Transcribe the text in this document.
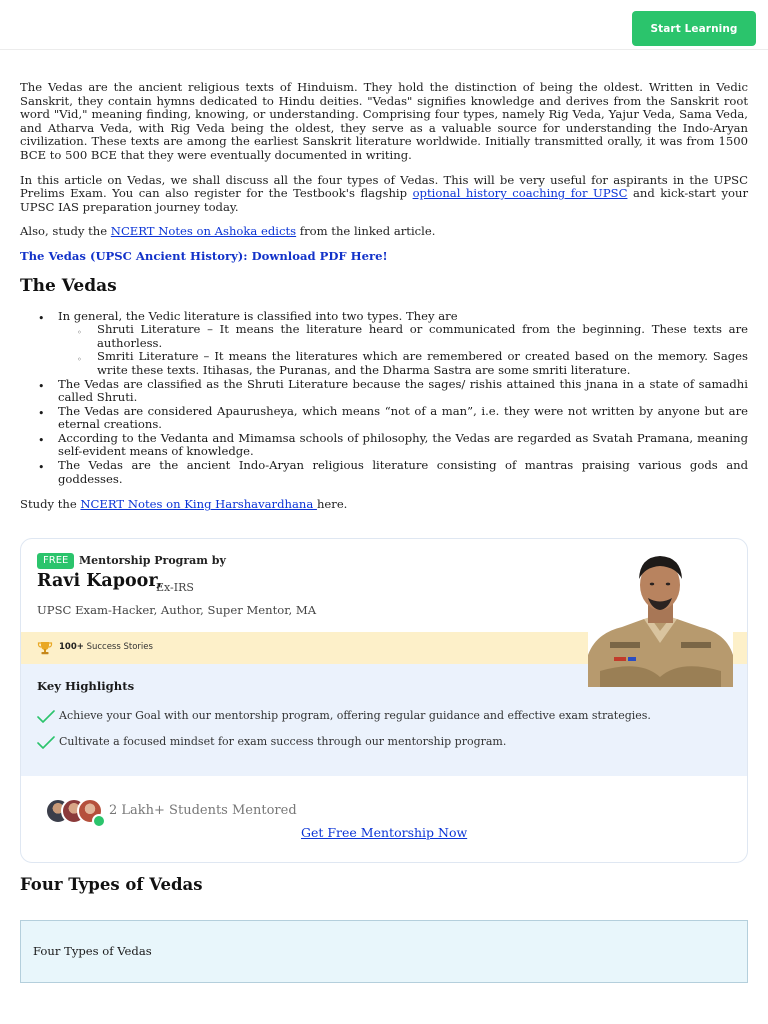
Start Learning

The Vedas are the ancient religious texts of Hinduism. They hold the distinction of being the oldest. Written in Vedic Sanskrit, they contain hymns dedicated to Hindu deities. "Vedas" signifies knowledge and derives from the Sanskrit root word "Vid," meaning finding, knowing, or understanding. Comprising four types, namely Rig Veda, Yajur Veda, Sama Veda, and Atharva Veda, with Rig Veda being the oldest, they serve as a valuable source for understanding the Indo-Aryan civilization. These texts are among the earliest Sanskrit literature worldwide. Initially transmitted orally, it was from 1500 BCE to 500 BCE that they were eventually documented in writing.

In this article on Vedas, we shall discuss all the four types of Vedas. This will be very useful for aspirants in the UPSC Prelims Exam. You can also register for the Testbook's flagship optional history coaching for UPSC and kick-start your UPSC IAS preparation journey today.

Also, study the NCERT Notes on Ashoka edicts from the linked article.

The Vedas (UPSC Ancient History): Download PDF Here!

The Vedas
• In general, the Vedic literature is classified into two types. They are
◦ Shruti Literature – It means the literature heard or communicated from the beginning. These texts are authorless.
◦ Smriti Literature – It means the literatures which are remembered or created based on the memory. Sages write these texts. Itihasas, the Puranas, and the Dharma Sastra are some smriti literature.
• The Vedas are classified as the Shruti Literature because the sages/ rishis attained this jnana in a state of samadhi called Shruti.
• The Vedas are considered Apaurusheya, which means “not of a man”, i.e. they were not written by anyone but are eternal creations.
• According to the Vedanta and Mimamsa schools of philosophy, the Vedas are regarded as Svatah Pramana, meaning self-evident means of knowledge.
• The Vedas are the ancient Indo-Aryan religious literature consisting of mantras praising various gods and goddesses.

Study the NCERT Notes on King Harshavardhana here.

FREE Mentorship Program by
Ravi Kapoor,
Ex-IRS
UPSC Exam-Hacker, Author, Super Mentor, MA
100+ Success Stories
Key Highlights
Achieve your Goal with our mentorship program, offering regular guidance and effective exam strategies.
Cultivate a focused mindset for exam success through our mentorship program.
2 Lakh+ Students Mentored
Get Free Mentorship Now
Four Types of Vedas
Four Types of Vedas
